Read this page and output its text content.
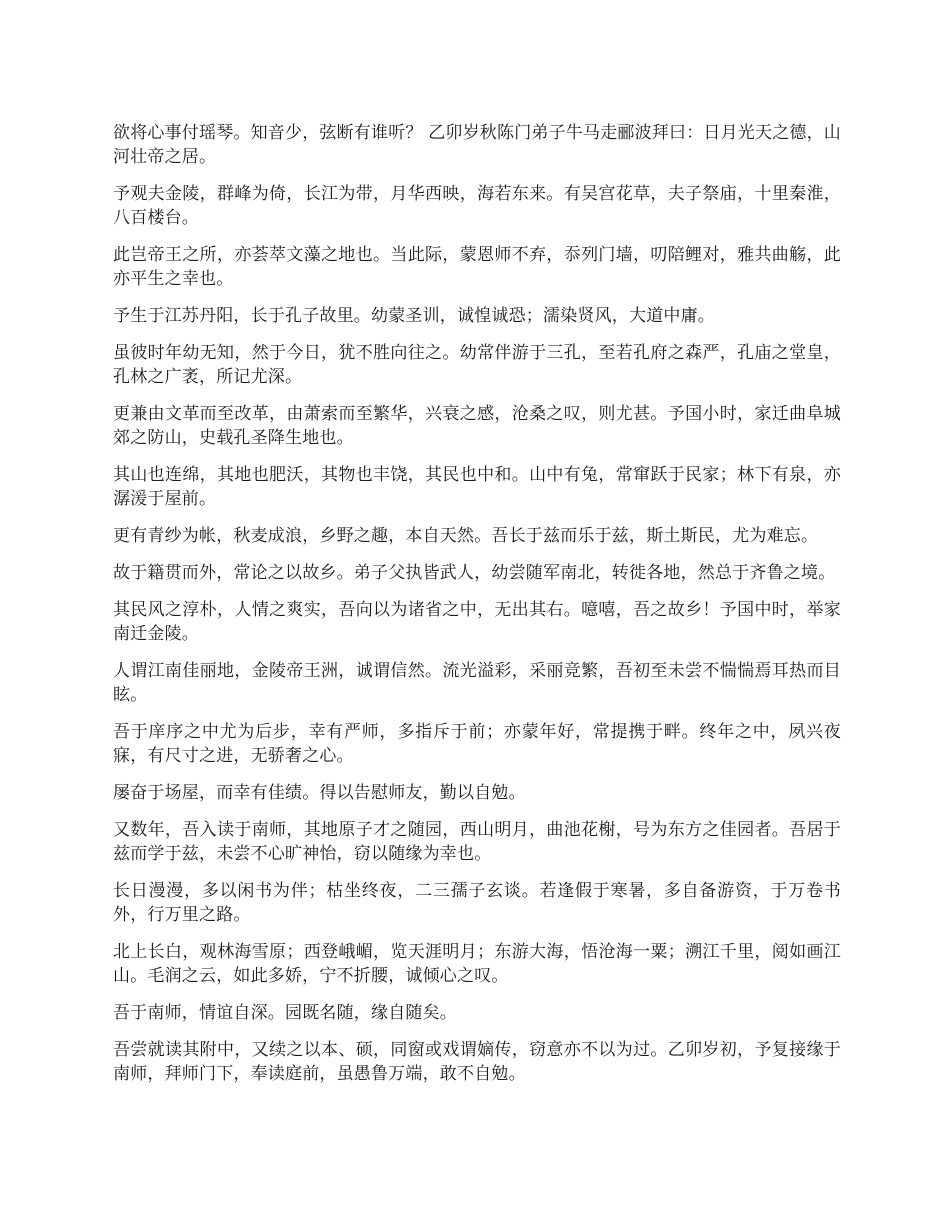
欲将心事付瑶琴。知音少，弦断有谁听？ 乙卯岁秋陈门弟子牛马走郦波拜曰：日月光天之德，山河壮帝之居。

予观夫金陵，群峰为倚，长江为带，月华西映，海若东来。有吴宫花草，夫子祭庙，十里秦淮，八百楼台。

此岂帝王之所，亦荟萃文藻之地也。当此际，蒙恩师不弃，忝列门墙，叨陪鲤对，雅共曲觞，此亦平生之幸也。

予生于江苏丹阳，长于孔子故里。幼蒙圣训，诚惶诚恐；濡染贤风，大道中庸。

虽彼时年幼无知，然于今日，犹不胜向往之。幼常伴游于三孔，至若孔府之森严，孔庙之堂皇，孔林之广袤，所记尤深。

更兼由文革而至改革，由萧索而至繁华，兴衰之感，沧桑之叹，则尤甚。予国小时，家迁曲阜城郊之防山，史载孔圣降生地也。

其山也连绵，其地也肥沃，其物也丰饶，其民也中和。山中有兔，常窜跃于民家；林下有泉，亦潺湲于屋前。

更有青纱为帐，秋麦成浪，乡野之趣，本自天然。吾长于兹而乐于兹，斯土斯民，尤为难忘。

故于籍贯而外，常论之以故乡。弟子父执皆武人，幼尝随军南北，转徙各地，然总于齐鲁之境。

其民风之淳朴，人情之爽实，吾向以为诸省之中，无出其右。噫嘻，吾之故乡！予国中时，举家南迁金陵。

人谓江南佳丽地，金陵帝王洲，诚谓信然。流光溢彩，采丽竞繁，吾初至未尝不惴惴焉耳热而目眩。

吾于庠序之中尤为后步，幸有严师，多指斥于前；亦蒙年好，常提携于畔。终年之中，夙兴夜寐，有尺寸之进，无骄奢之心。

屡奋于场屋，而幸有佳绩。得以告慰师友，勤以自勉。

又数年，吾入读于南师，其地原子才之随园，西山明月，曲池花榭，号为东方之佳园者。吾居于兹而学于兹，未尝不心旷神怡，窃以随缘为幸也。

长日漫漫，多以闲书为伴；枯坐终夜，二三孺子玄谈。若逢假于寒暑，多自备游资，于万卷书外，行万里之路。

北上长白，观林海雪原；西登峨嵋，览天涯明月；东游大海，悟沧海一粟；溯江千里，阅如画江山。毛润之云，如此多娇，宁不折腰，诚倾心之叹。

吾于南师，情谊自深。园既名随，缘自随矣。

吾尝就读其附中，又续之以本、硕，同窗或戏谓嫡传，窃意亦不以为过。乙卯岁初，予复接缘于南师，拜师门下，奉读庭前，虽愚鲁万端，敢不自勉。
